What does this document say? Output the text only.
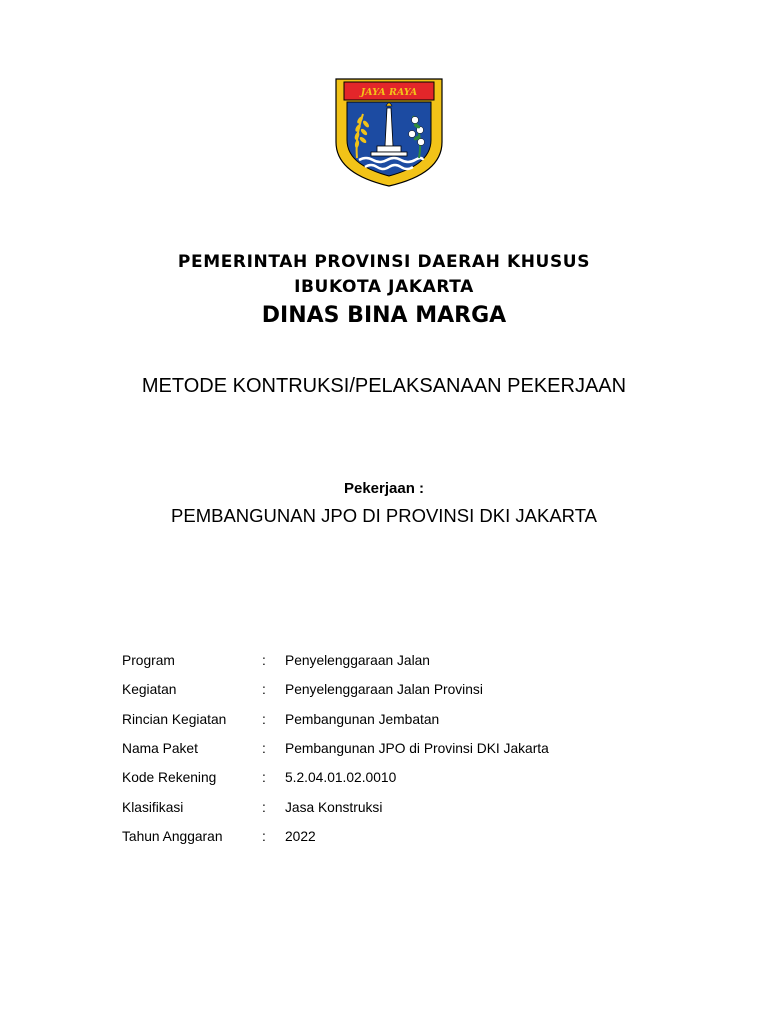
JAYA RAYA
PEMERINTAH PROVINSI DAERAH KHUSUS
IBUKOTA JAKARTA
DINAS BINA MARGA
METODE KONTRUKSI/PELAKSANAAN PEKERJAAN
Pekerjaan :
PEMBANGUNAN JPO DI PROVINSI DKI JAKARTA
Program	:	Penyelenggaraan Jalan
Kegiatan	:	Penyelenggaraan Jalan Provinsi
Rincian Kegiatan	:	Pembangunan Jembatan
Nama Paket	:	Pembangunan JPO di Provinsi DKI Jakarta
Kode Rekening	:	5.2.04.01.02.0010
Klasifikasi	:	Jasa Konstruksi
Tahun Anggaran	:	2022
